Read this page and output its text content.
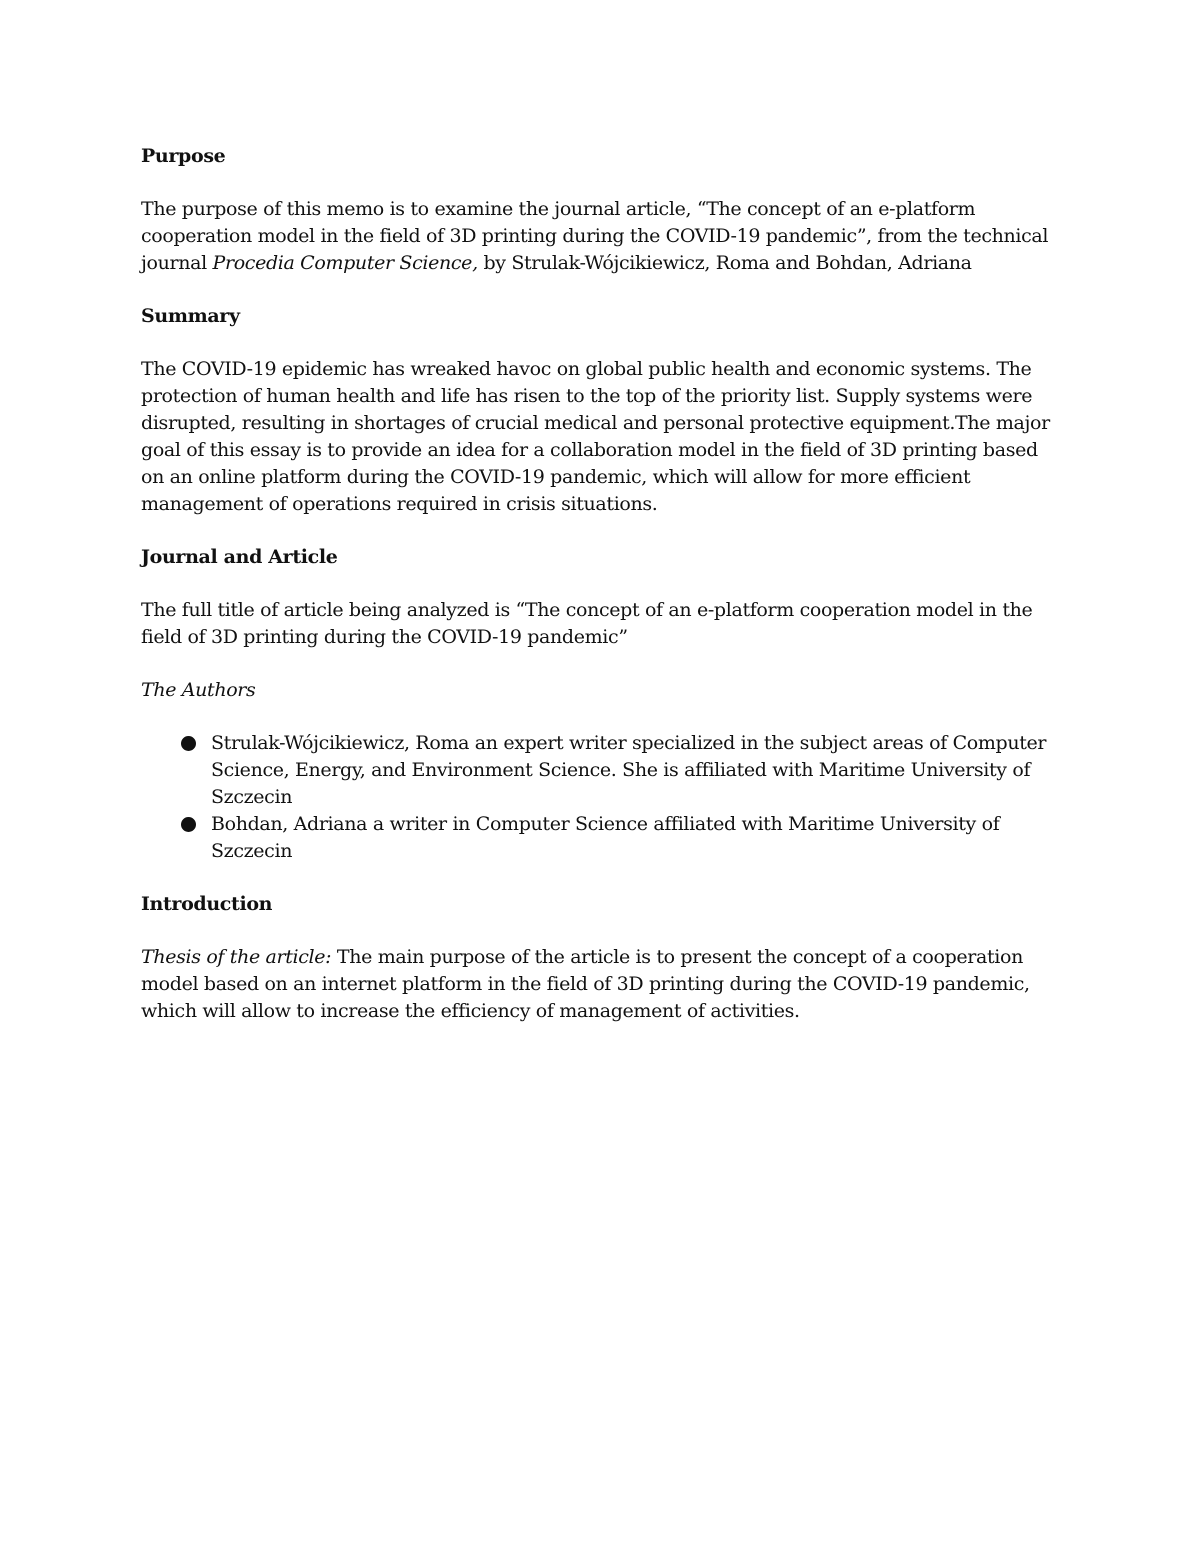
Purpose

The purpose of this memo is to examine the journal article, “The concept of an e-platform cooperation model in the field of 3D printing during the COVID-19 pandemic”, from the technical journal Procedia Computer Science, by Strulak-Wójcikiewicz, Roma and Bohdan, Adriana

Summary

The COVID-19 epidemic has wreaked havoc on global public health and economic systems. The protection of human health and life has risen to the top of the priority list. Supply systems were disrupted, resulting in shortages of crucial medical and personal protective equipment.The major goal of this essay is to provide an idea for a collaboration model in the field of 3D printing based on an online platform during the COVID-19 pandemic, which will allow for more efficient management of operations required in crisis situations.

Journal and Article

The full title of article being analyzed is “The concept of an e-platform cooperation model in the field of 3D printing during the COVID-19 pandemic”

The Authors
Strulak-Wójcikiewicz, Roma an expert writer specialized in the subject areas of Computer Science, Energy, and Environment Science. She is affiliated with Maritime University of Szczecin
Bohdan, Adriana a writer in Computer Science affiliated with Maritime University of Szczecin
Introduction

Thesis of the article: The main purpose of the article is to present the concept of a cooperation model based on an internet platform in the field of 3D printing during the COVID-19 pandemic, which will allow to increase the efficiency of management of activities.
